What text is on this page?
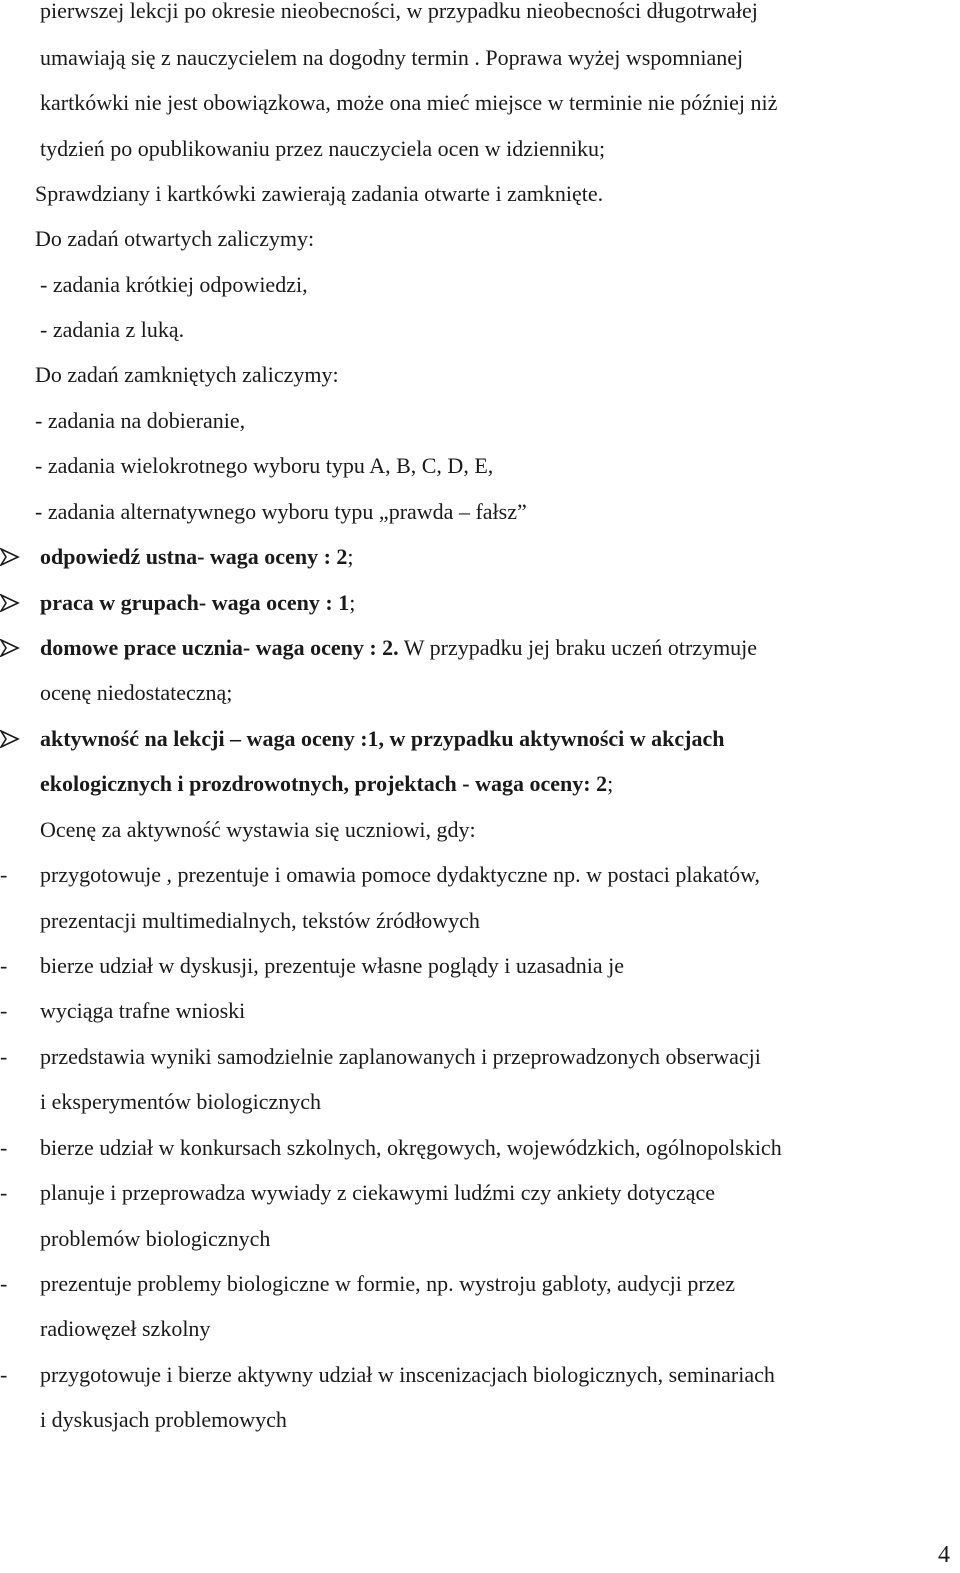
pierwszej lekcji po okresie nieobecności, w przypadku nieobecności długotrwałej
umawiają się z nauczycielem na dogodny termin . Poprawa wyżej wspomnianej
kartkówki nie jest obowiązkowa, może ona mieć miejsce w terminie nie później niż
tydzień po opublikowaniu przez nauczyciela ocen w idzienniku;
Sprawdziany i kartkówki zawierają zadania otwarte i zamknięte.
Do zadań otwartych zaliczymy:
- zadania krótkiej odpowiedzi,
- zadania z luką.
Do zadań zamkniętych zaliczymy:
- zadania na dobieranie,
- zadania wielokrotnego wyboru typu A, B, C, D, E,
- zadania alternatywnego wyboru typu „prawda – fałsz”
odpowiedź ustna- waga oceny : 2;
praca w grupach- waga oceny : 1;
domowe prace ucznia- waga oceny : 2. W przypadku jej braku uczeń otrzymuje
ocenę niedostateczną;
aktywność na lekcji – waga oceny :1, w przypadku aktywności w akcjach
ekologicznych i prozdrowotnych, projektach - waga oceny: 2;
Ocenę za aktywność wystawia się uczniowi, gdy:
-	przygotowuje , prezentuje i omawia pomoce dydaktyczne np. w postaci plakatów,
prezentacji multimedialnych, tekstów źródłowych
-	bierze udział w dyskusji, prezentuje własne poglądy i uzasadnia je
-	wyciąga trafne wnioski
-	przedstawia wyniki samodzielnie zaplanowanych i przeprowadzonych obserwacji
i eksperymentów biologicznych
-	bierze udział w konkursach szkolnych, okręgowych, wojewódzkich, ogólnopolskich
-	planuje i przeprowadza wywiady z ciekawymi ludźmi czy ankiety dotyczące
problemów biologicznych
-	prezentuje problemy biologiczne w formie, np. wystroju gabloty, audycji przez
radiowęzeł szkolny
-	przygotowuje i bierze aktywny udział w inscenizacjach biologicznych, seminariach
i dyskusjach problemowych
4
